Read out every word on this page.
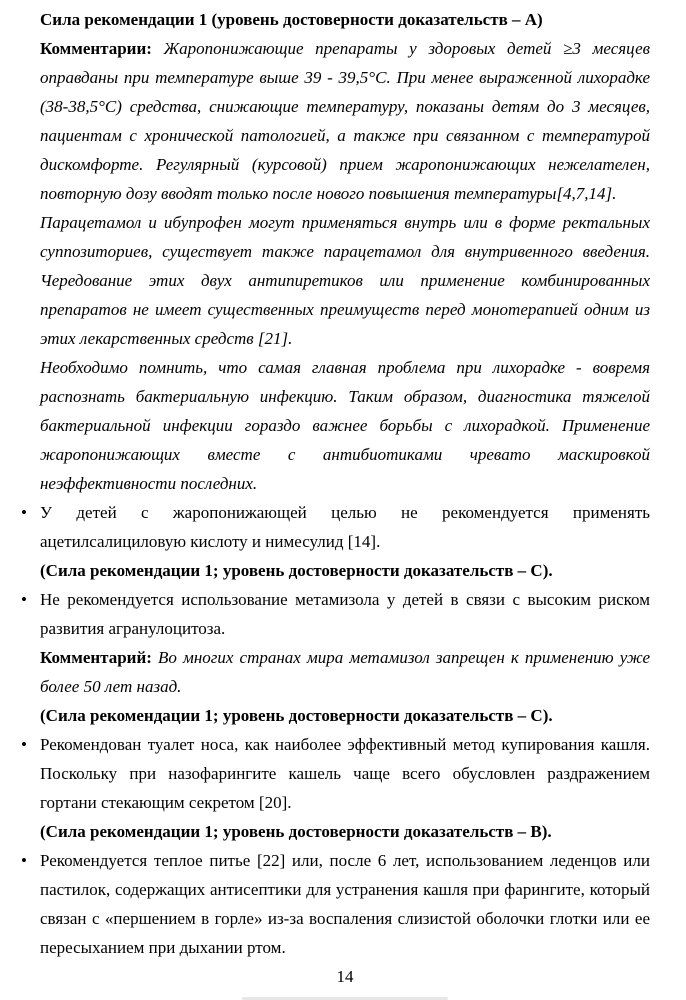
Сила рекомендации 1 (уровень достоверности доказательств – А)

Комментарии: Жаропонижающие препараты у здоровых детей ≥3 месяцев оправданы при температуре выше 39 - 39,5°С. При менее выраженной лихорадке (38-38,5°С) средства, снижающие температуру, показаны детям до 3 месяцев, пациентам с хронической патологией, а также при связанном с температурой дискомфорте. Регулярный (курсовой) прием жаропонижающих нежелателен, повторную дозу вводят только после нового повышения температуры[4,7,14].

Парацетамол и ибупрофен могут применяться внутрь или в форме ректальных суппозиториев, существует также парацетамол для внутривенного введения. Чередование этих двух антипиретиков или применение комбинированных препаратов не имеет существенных преимуществ перед монотерапией одним из этих лекарственных средств [21].

Необходимо помнить, что самая главная проблема при лихорадке - вовремя распознать бактериальную инфекцию. Таким образом, диагностика тяжелой бактериальной инфекции гораздо важнее борьбы с лихорадкой. Применение жаропонижающих вместе с антибиотиками чревато маскировкой неэффективности последних.

• У детей с жаропонижающей целью не рекомендуется применять ацетилсалициловую кислоту и нимесулид [14].

(Сила рекомендации 1; уровень достоверности доказательств – С).

• Не рекомендуется использование метамизола у детей в связи с высоким риском развития агранулоцитоза.

Комментарий: Во многих странах мира метамизол запрещен к применению уже более 50 лет назад.

(Сила рекомендации 1; уровень достоверности доказательств – С).

• Рекомендован туалет носа, как наиболее эффективный метод купирования кашля. Поскольку при назофарингите кашель чаще всего обусловлен раздражением гортани стекающим секретом [20].

(Сила рекомендации 1; уровень достоверности доказательств – В).

• Рекомендуется теплое питье [22] или, после 6 лет, использованием леденцов или пастилок, содержащих антисептики для устранения кашля при фарингите, который связан с «першением в горле» из-за воспаления слизистой оболочки глотки или ее пересыханием при дыхании ртом.

14
